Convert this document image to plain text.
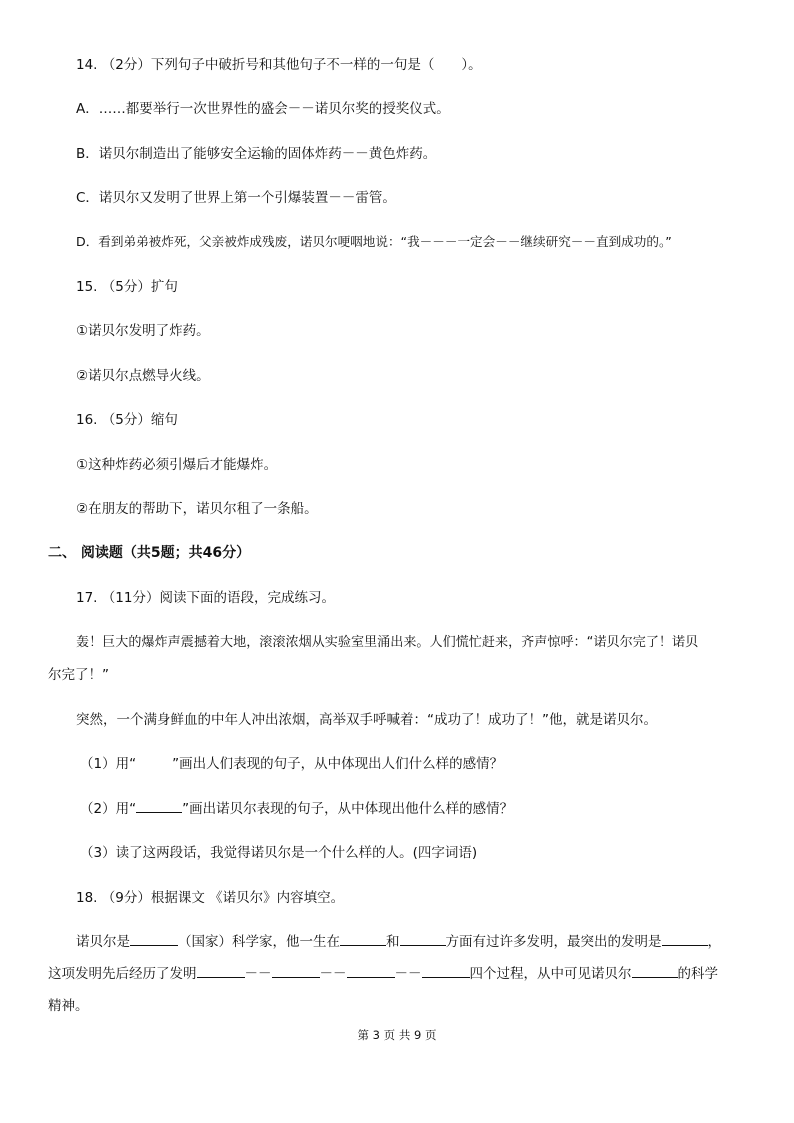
14. （2分）下列句子中破折号和其他句子不一样的一句是（　　）。
A．……都要举行一次世界性的盛会－－诺贝尔奖的授奖仪式。
B．诺贝尔制造出了能够安全运输的固体炸药－－黄色炸药。
C．诺贝尔又发明了世界上第一个引爆装置－－雷管。
D．看到弟弟被炸死，父亲被炸成残废，诺贝尔哽咽地说：“我－－－一定会－－继续研究－－直到成功的。”
15. （5分）扩句
①诺贝尔发明了炸药。
②诺贝尔点燃导火线。
16. （5分）缩句
①这种炸药必须引爆后才能爆炸。
②在朋友的帮助下，诺贝尔租了一条船。
二、 阅读题（共5题；共46分）
17. （11分）阅读下面的语段，完成练习。
轰！巨大的爆炸声震撼着大地，滚滚浓烟从实验室里涌出来。人们慌忙赶来，齐声惊呼：“诺贝尔完了！诺贝
尔完了！”
突然，一个满身鲜血的中年人冲出浓烟，高举双手呼喊着：“成功了！成功了！”他，就是诺贝尔。
（1）用“	”画出人们表现的句子，从中体现出人们什么样的感情？
（2）用“	”画出诺贝尔表现的句子，从中体现出他什么样的感情？
（3）读了这两段话，我觉得诺贝尔是一个什么样的人。(四字词语)
18. （9分）根据课文 《诺贝尔》内容填空。
诺贝尔是	（国家）科学家，他一生在	和	方面有过许多发明，最突出的发明是	，
这项发明先后经历了发明	－－	－－	－－	四个过程，从中可见诺贝尔	的科学
精神。
第 3 页 共 9 页
